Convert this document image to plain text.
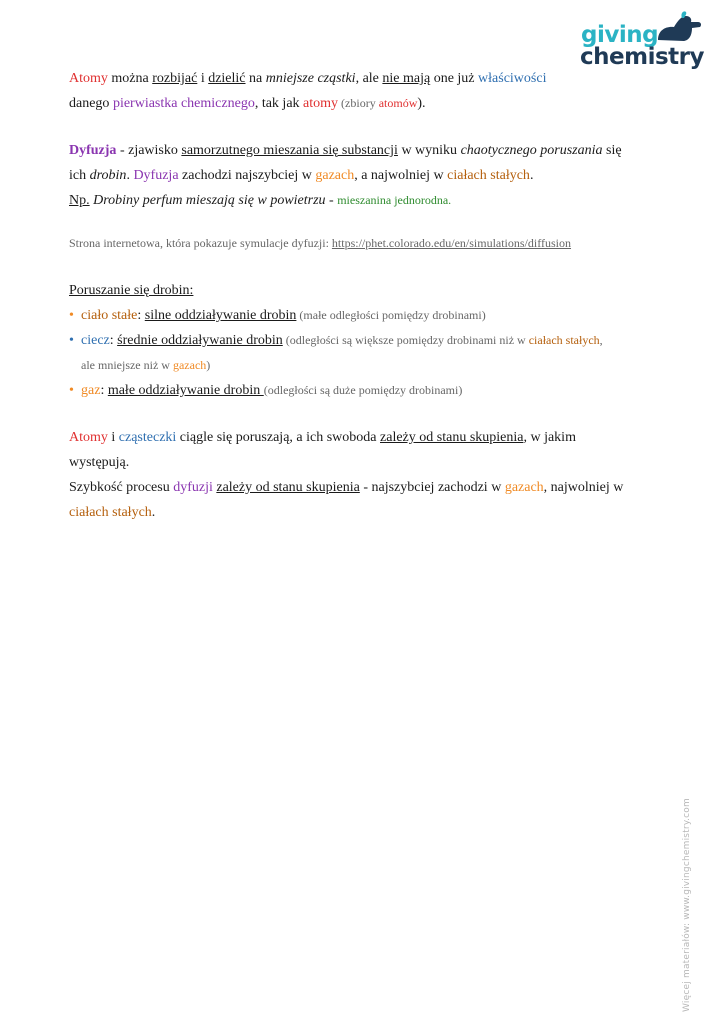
giving
chemistry
Atomy można rozbijać i dzielić na mniejsze cząstki, ale nie mają one już właściwości
danego pierwiastka chemicznego, tak jak atomy (zbiory atomów).
Dyfuzja - zjawisko samorzutnego mieszania się substancji w wyniku chaotycznego poruszania się
ich drobin. Dyfuzja zachodzi najszybciej w gazach, a najwolniej w ciałach stałych.
Np. Drobiny perfum mieszają się w powietrzu - mieszanina jednorodna.
Strona internetowa, która pokazuje symulacje dyfuzji: https://phet.colorado.edu/en/simulations/diffusion
Poruszanie się drobin:
• ciało stałe: silne oddziaływanie drobin (małe odległości pomiędzy drobinami)
• ciecz: średnie oddziaływanie drobin (odległości są większe pomiędzy drobinami niż w ciałach stałych,
ale mniejsze niż w gazach)
• gaz: małe oddziaływanie drobin (odległości są duże pomiędzy drobinami)
Atomy i cząsteczki ciągle się poruszają, a ich swoboda zależy od stanu skupienia, w jakim
występują.
Szybkość procesu dyfuzji zależy od stanu skupienia - najszybciej zachodzi w gazach, najwolniej w
ciałach stałych.
Więcej materiałów: www.givingchemistry.com
